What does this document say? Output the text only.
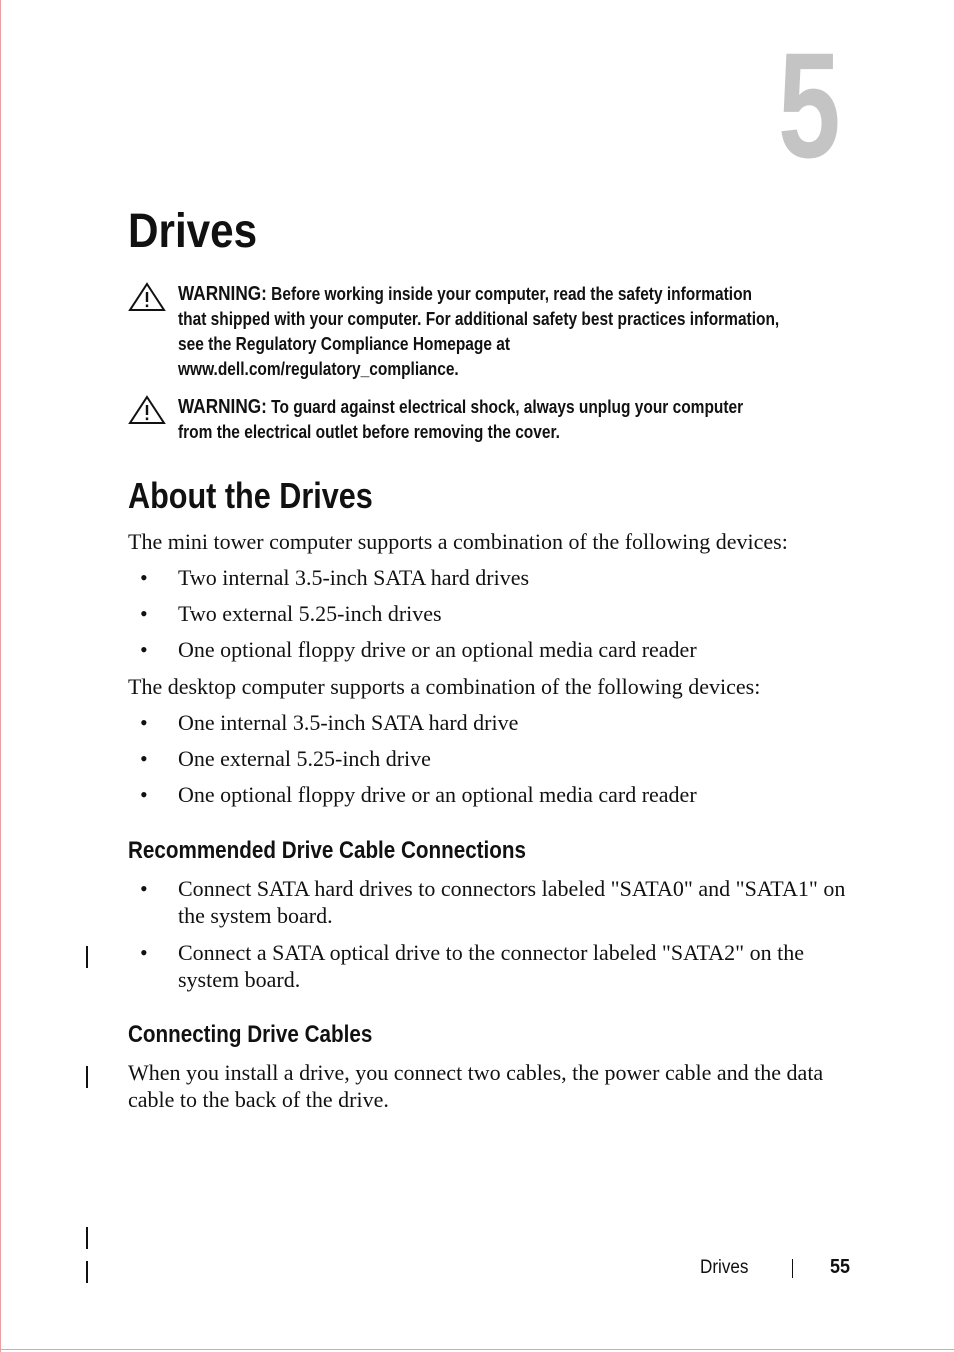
5
Drives
WARNING: Before working inside your computer, read the safety information that shipped with your computer. For additional safety best practices information, see the Regulatory Compliance Homepage at www.dell.com/regulatory_compliance.
WARNING: To guard against electrical shock, always unplug your computer from the electrical outlet before removing the cover.
About the Drives

The mini tower computer supports a combination of the following devices:

• Two internal 3.5-inch SATA hard drives
• Two external 5.25-inch drives
• One optional floppy drive or an optional media card reader

The desktop computer supports a combination of the following devices:

• One internal 3.5-inch SATA hard drive
• One external 5.25-inch drive
• One optional floppy drive or an optional media card reader
Recommended Drive Cable Connections
• Connect SATA hard drives to connectors labeled "SATA0" and "SATA1" on the system board.
• Connect a SATA optical drive to the connector labeled "SATA2" on the system board.
Connecting Drive Cables

When you install a drive, you connect two cables, the power cable and the data cable to the back of the drive.

Drives	55
